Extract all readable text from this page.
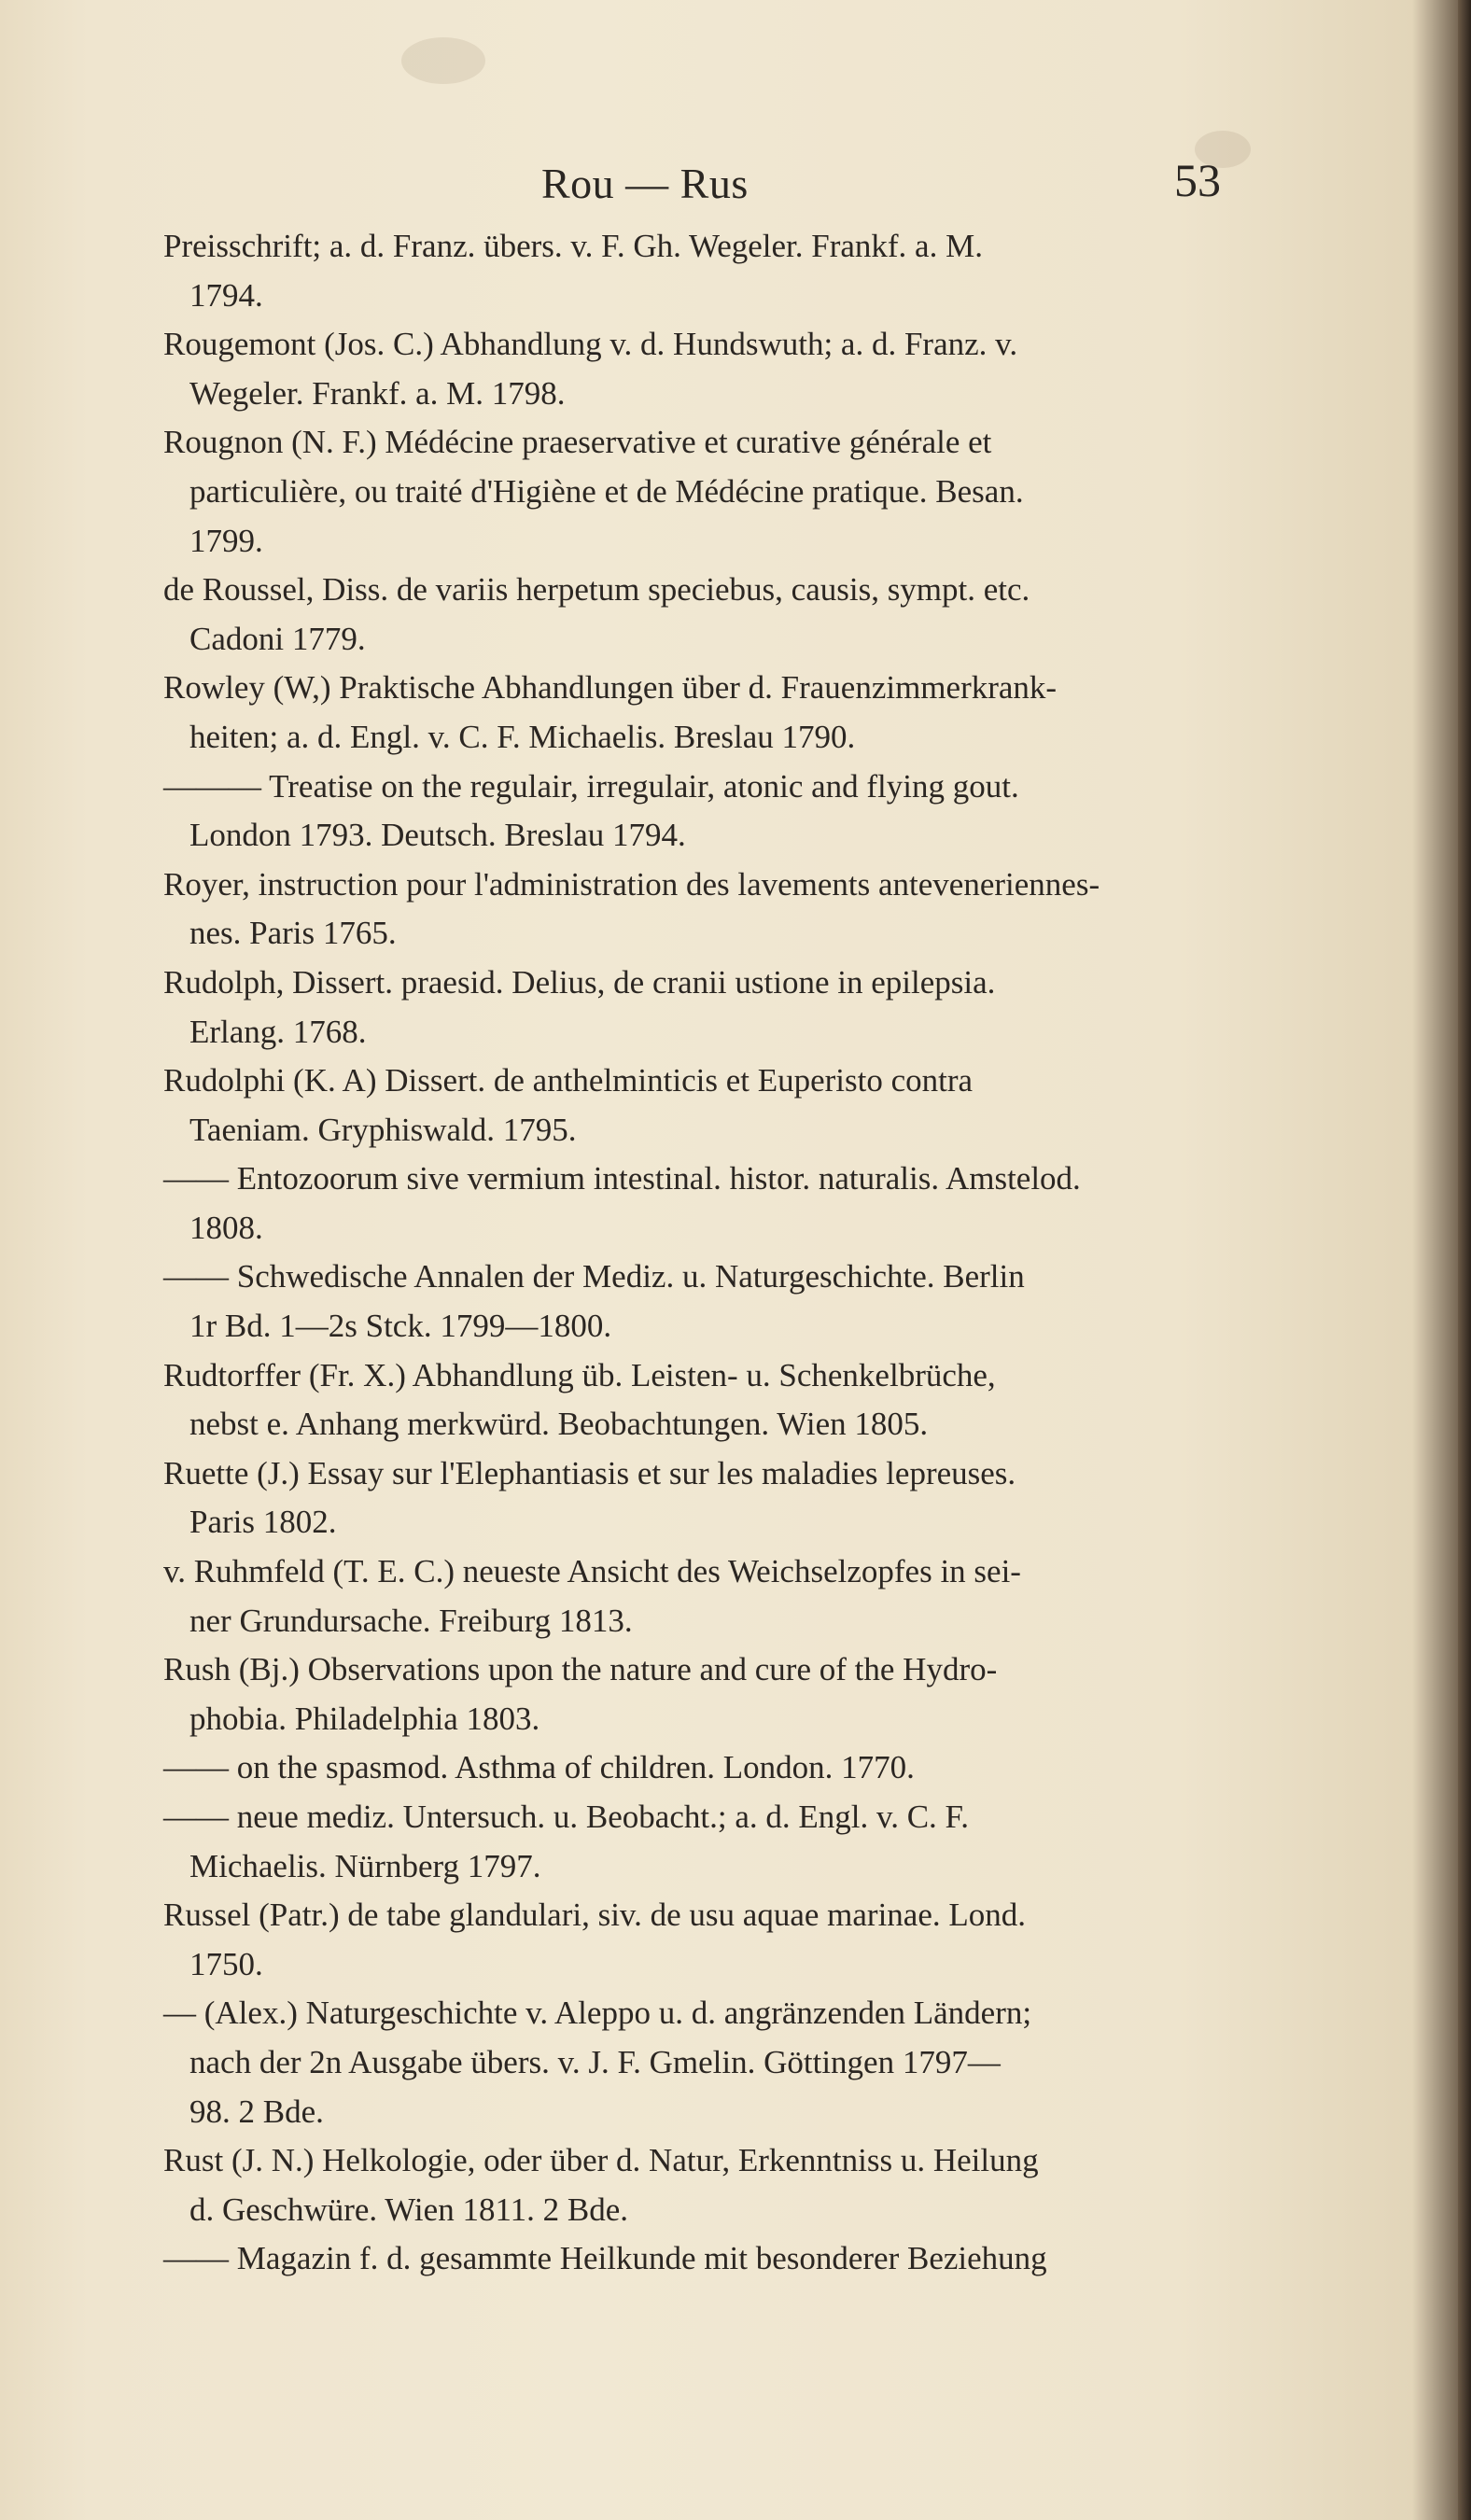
Rou — Rus	53
Preisschrift; a. d. Franz. übers. v. F. Gh. Wegeler. Frankf. a. M.
1794.
Rougemont (Jos. C.) Abhandlung v. d. Hundswuth; a. d. Franz. v.
Wegeler. Frankf. a. M. 1798.
Rougnon (N. F.) Médécine praeservative et curative générale et
particulière, ou traité d'Higiène et de Médécine pratique. Besan.
1799.
de Roussel, Diss. de variis herpetum speciebus, causis, sympt. etc.
Cadoni 1779.
Rowley (W,) Praktische Abhandlungen über d. Frauenzimmerkrank-
heiten; a. d. Engl. v. C. F. Michaelis. Breslau 1790.
——— Treatise on the regulair, irregulair, atonic and flying gout.
London 1793. Deutsch. Breslau 1794.
Royer, instruction pour l'administration des lavements anteveneriennes-
nes. Paris 1765.
Rudolph, Dissert. praesid. Delius, de cranii ustione in epilepsia.
Erlang. 1768.
Rudolphi (K. A) Dissert. de anthelminticis et Euperisto contra
Taeniam. Gryphiswald. 1795.
—— Entozoorum sive vermium intestinal. histor. naturalis. Amstelod.
1808.
—— Schwedische Annalen der Mediz. u. Naturgeschichte. Berlin
1r Bd. 1—2s Stck. 1799—1800.
Rudtorffer (Fr. X.) Abhandlung üb. Leisten- u. Schenkelbrüche,
nebst e. Anhang merkwürd. Beobachtungen. Wien 1805.
Ruette (J.) Essay sur l'Elephantiasis et sur les maladies lepreuses.
Paris 1802.
v. Ruhmfeld (T. E. C.) neueste Ansicht des Weichselzopfes in sei-
ner Grundursache. Freiburg 1813.
Rush (Bj.) Observations upon the nature and cure of the Hydro-
phobia. Philadelphia 1803.
—— on the spasmod. Asthma of children. London. 1770.
—— neue mediz. Untersuch. u. Beobacht.; a. d. Engl. v. C. F.
Michaelis. Nürnberg 1797.
Russel (Patr.) de tabe glandulari, siv. de usu aquae marinae. Lond.
1750.
— (Alex.) Naturgeschichte v. Aleppo u. d. angränzenden Ländern;
nach der 2n Ausgabe übers. v. J. F. Gmelin. Göttingen 1797—
98. 2 Bde.
Rust (J. N.) Helkologie, oder über d. Natur, Erkenntniss u. Heilung
d. Geschwüre. Wien 1811. 2 Bde.
—— Magazin f. d. gesammte Heilkunde mit besonderer Beziehung
